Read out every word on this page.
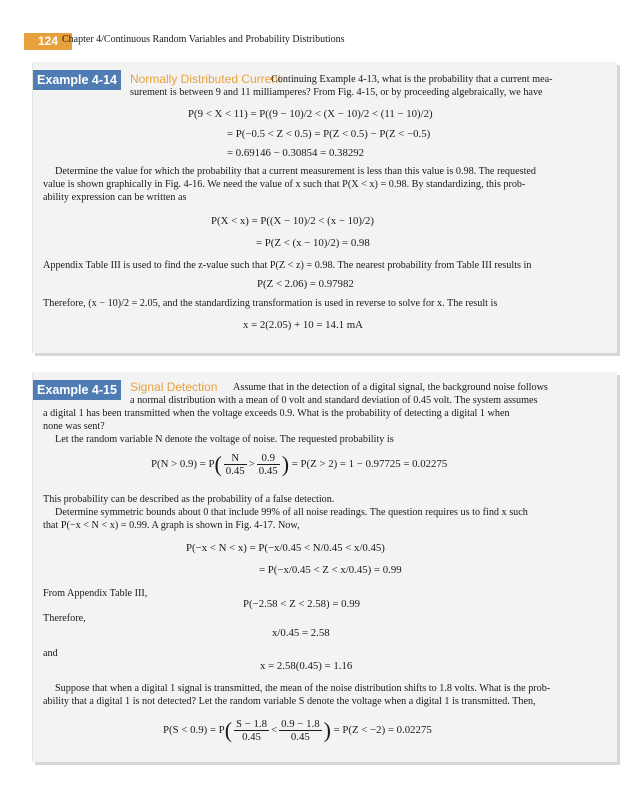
124 Chapter 4/Continuous Random Variables and Probability Distributions
Example 4-14	Normally Distributed Current
Continuing Example 4-13, what is the probability that a current mea-
surement is between 9 and 11 milliamperes? From Fig. 4-15, or by proceeding algebraically, we have
P(9 < X < 11) = P((9 − 10)/2 < (X − 10)/2 < (11 − 10)/2)
= P(−0.5 < Z < 0.5) = P(Z < 0.5) − P(Z < −0.5)
= 0.69146 − 0.30854 = 0.38292
Determine the value for which the probability that a current measurement is less than this value is 0.98. The requested
value is shown graphically in Fig. 4-16. We need the value of x such that P(X < x) = 0.98. By standardizing, this prob-
ability expression can be written as
P(X < x) = P((X − 10)/2 < (x − 10)/2)
= P(Z < (x − 10)/2) = 0.98
Appendix Table III is used to find the z-value such that P(Z < z) = 0.98. The nearest probability from Table III results in
P(Z < 2.06) = 0.97982
Therefore, (x − 10)/2 = 2.05, and the standardizing transformation is used in reverse to solve for x. The result is
x = 2(2.05) + 10 = 14.1 mA
Example 4-15	Signal Detection Assume that in the detection of a digital signal, the background noise follows
a normal distribution with a mean of 0 volt and standard deviation of 0.45 volt. The system assumes
a digital 1 has been transmitted when the voltage exceeds 0.9. What is the probability of detecting a digital 1 when
none was sent?
Let the random variable N denote the voltage of noise. The requested probability is
$P(N > 0.9) = P( \frac{N}{0.45} > \frac{0.9}{0.45}$ ) = P(Z > 2) = 1 − 0.97725 = 0.02275
This probability can be described as the probability of a false detection.
Determine symmetric bounds about 0 that include 99% of all noise readings. The question requires us to find x such
that P(−x < N < x) = 0.99. A graph is shown in Fig. 4-17. Now,
P(−x < N < x) = P(−x/0.45 < N/0.45 < x/0.45)
= P(−x/0.45 < Z < x/0.45) = 0.99
From Appendix Table III,
P(−2.58 < Z < 2.58) = 0.99
Therefore,
x/0.45 = 2.58
and
x = 2.58(0.45) = 1.16
Suppose that when a digital 1 signal is transmitted, the mean of the noise distribution shifts to 1.8 volts. What is the prob-
ability that a digital 1 is not detected? Let the random variable S denote the voltage when a digital 1 is transmitted. Then,
$P(S < 0.9) = P( \frac{S - 1.8}{0.45} < \frac{0.9 - 1.8}{0.45}$ ) = P(Z < −2) = 0.02275
